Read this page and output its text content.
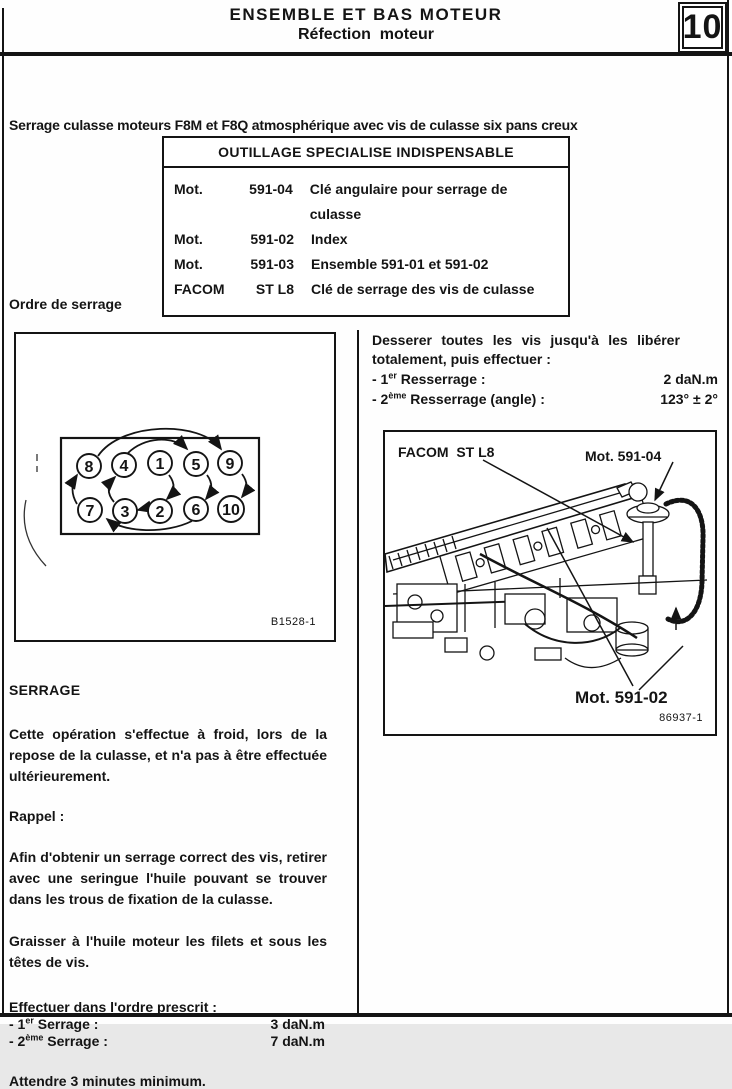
ENSEMBLE ET BAS MOTEUR
Réfection  moteur	10
Serrage culasse moteurs F8M et F8Q atmosphérique avec vis de culasse six pans creux
OUTILLAGE SPECIALISE INDISPENSABLE
Mot.	591-04 Clé angulaire pour serrage de culasse
Mot.	591-02 Index
Mot.	591-03 Ensemble 591-01 et 591-02
FACOM	ST L8 Clé de serrage des vis de culasse
Ordre de serrage
8 4 1 5 9
7 3 2 6 10
B1528-1
Desserer toutes les vis jusqu'à les libérer
totalement, puis effectuer :
- 1er Resserrage :	2 daN.m
- 2ème Resserrage (angle) :	123° ± 2°
FACOM  ST L8	Mot. 591-04
Mot. 591-02
86937-1
SERRAGE

Cette opération s'effectue à froid, lors de la repose de la culasse, et n'a pas à être effectuée ultérieurement.

Rappel :

Afin d'obtenir un serrage correct des vis, retirer avec une seringue l'huile pouvant se trouver dans les trous de fixation de la culasse.

Graisser à l'huile moteur les filets et sous les têtes de vis.

Effectuer dans l'ordre prescrit :
- 1er Serrage :	3 daN.m
- 2ème Serrage :	7 daN.m
Attendre 3 minutes minimum.
